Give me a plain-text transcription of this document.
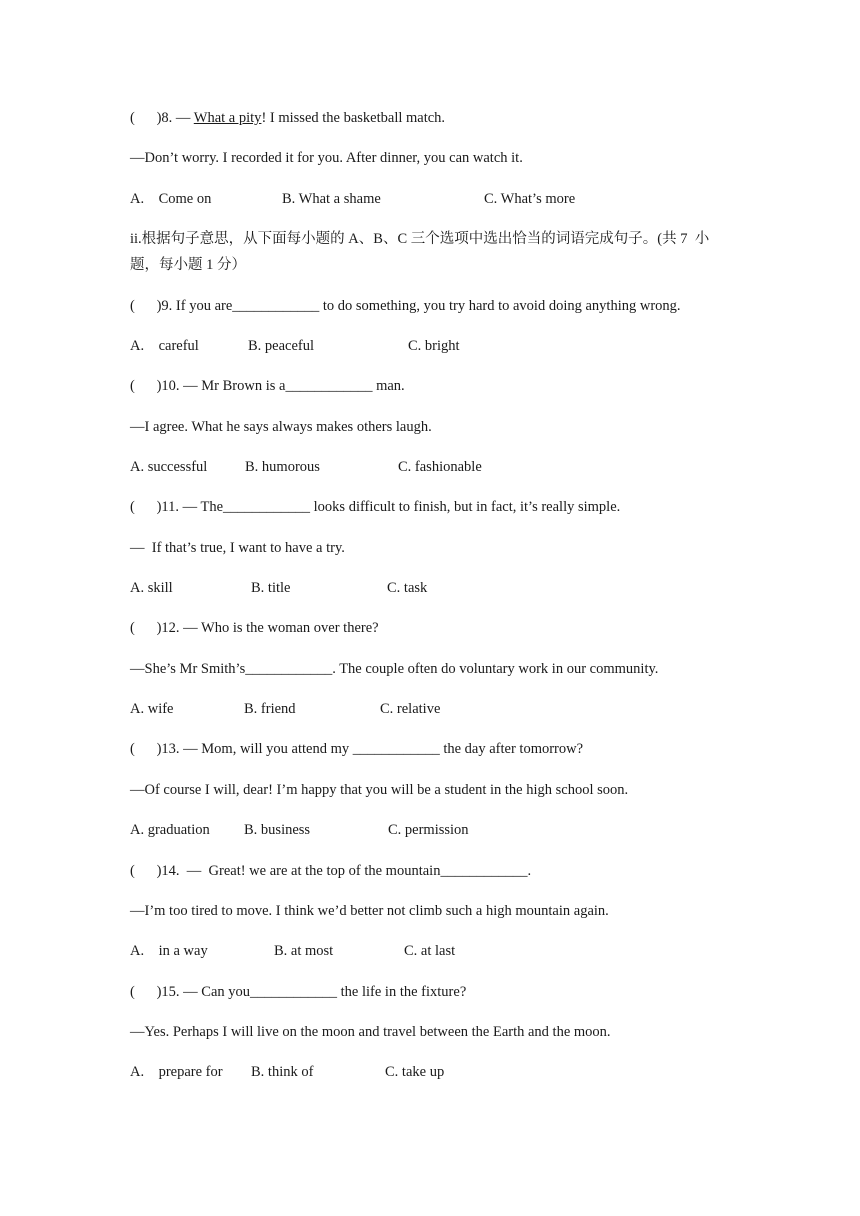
(      )8. — What a pity! I missed the basketball match.
—Don’t worry. I recorded it for you. After dinner, you can watch it.
A.    Come on	B. What a shame	C. What’s more
ii.根据句子意思，从下面每小题的 A、B、C 三个选项中选出恰当的词语完成句子。(共 7  小
题，每小题 1 分）
(      )9. If you are____________ to do something, you try hard to avoid doing anything wrong.
A.    careful	B. peaceful	C. bright
(      )10. — Mr Brown is a____________ man.
—I agree. What he says always makes others laugh.
A. successful	B. humorous	C. fashionable
(      )11. — The____________ looks difficult to finish, but in fact, it’s really simple.
—  If that’s true, I want to have a try.
A. skill	B. title	C. task
(      )12. — Who is the woman over there?
—She’s Mr Smith’s____________. The couple often do voluntary work in our community.
A. wife	B. friend	C. relative
(      )13. — Mom, will you attend my ____________ the day after tomorrow?
—Of course I will, dear! I’m happy that you will be a student in the high school soon.
A. graduation B. business	C. permission
(      )14.  —  Great! we are at the top of the mountain____________.
—I’m too tired to move. I think we’d better not climb such a high mountain again.
A.    in a way	B. at most	C. at last
(      )15. — Can you____________ the life in the fixture?
—Yes. Perhaps I will live on the moon and travel between the Earth and the moon.
A.    prepare for B. think of	C. take up
